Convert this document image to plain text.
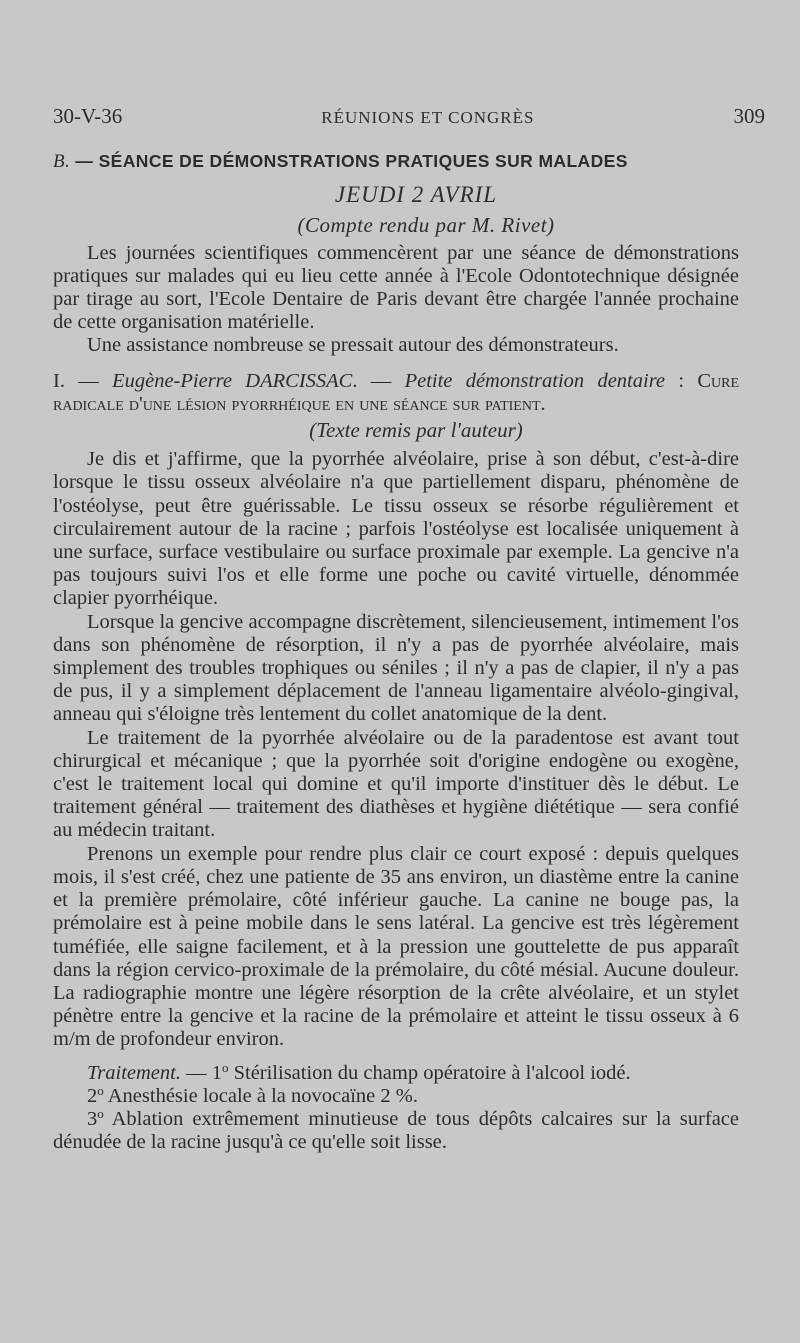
30-V-36	RÉUNIONS ET CONGRÈS	309
B. — SÉANCE DE DÉMONSTRATIONS PRATIQUES SUR MALADES
JEUDI 2 AVRIL
(Compte rendu par M. Rivet)

Les journées scientifiques commencèrent par une séance de démonstrations pratiques sur malades qui eu lieu cette année à l'Ecole Odontotechnique désignée par tirage au sort, l'Ecole Dentaire de Paris devant être chargée l'année prochaine de cette organisation matérielle.

Une assistance nombreuse se pressait autour des démonstrateurs.

I. — Eugène-Pierre DARCISSAC. — Petite démonstration dentaire : Cure radicale d'une lésion pyorrhéique en une séance sur patient.

(Texte remis par l'auteur)

Je dis et j'affirme, que la pyorrhée alvéolaire, prise à son début, c'est-à-dire lorsque le tissu osseux alvéolaire n'a que partiellement disparu, phénomène de l'ostéolyse, peut être guérissable. Le tissu osseux se résorbe régulièrement et circulairement autour de la racine ; parfois l'ostéolyse est localisée uniquement à une surface, surface vestibulaire ou surface proximale par exemple. La gencive n'a pas toujours suivi l'os et elle forme une poche ou cavité virtuelle, dénommée clapier pyorrhéique.

Lorsque la gencive accompagne discrètement, silencieusement, intimement l'os dans son phénomène de résorption, il n'y a pas de pyorrhée alvéolaire, mais simplement des troubles trophiques ou séniles ; il n'y a pas de clapier, il n'y a pas de pus, il y a simplement déplacement de l'anneau ligamentaire alvéolo-gingival, anneau qui s'éloigne très lentement du collet anatomique de la dent.

Le traitement de la pyorrhée alvéolaire ou de la paradentose est avant tout chirurgical et mécanique ; que la pyorrhée soit d'origine endogène ou exogène, c'est le traitement local qui domine et qu'il importe d'instituer dès le début. Le traitement général — traitement des diathèses et hygiène diététique — sera confié au médecin traitant.

Prenons un exemple pour rendre plus clair ce court exposé : depuis quelques mois, il s'est créé, chez une patiente de 35 ans environ, un diastème entre la canine et la première prémolaire, côté inférieur gauche. La canine ne bouge pas, la prémolaire est à peine mobile dans le sens latéral. La gencive est très légèrement tuméfiée, elle saigne facilement, et à la pression une gouttelette de pus apparaît dans la région cervico-proximale de la prémolaire, du côté mésial. Aucune douleur. La radiographie montre une légère résorption de la crête alvéolaire, et un stylet pénètre entre la gencive et la racine de la prémolaire et atteint le tissu osseux à 6 m/m de profondeur environ.

Traitement. — 1$^o$ Stérilisation du champ opératoire à l'alcool iodé.

2$^o$ Anesthésie locale à la novocaïne 2 %.

3$^o$ Ablation extrêmement minutieuse de tous dépôts calcaires sur la surface dénudée de la racine jusqu'à ce qu'elle soit lisse.
